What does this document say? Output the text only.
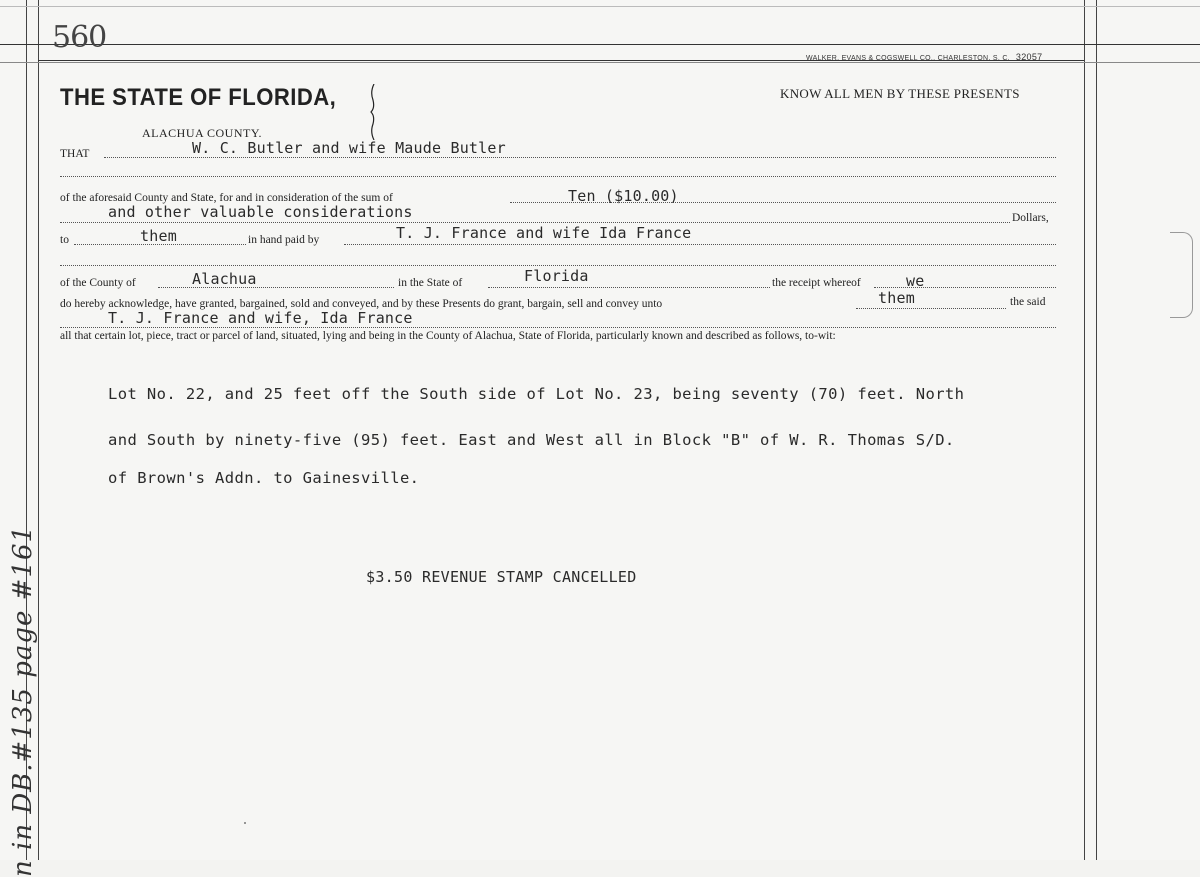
n in DB.#135 page #161
560
WALKER, EVANS & COGSWELL CO., CHARLESTON, S. C. 32057
THE STATE OF FLORIDA,	KNOW ALL MEN BY THESE PRESENTS
ALACHUA COUNTY.
THAT	W. C. Butler and wife Maude Butler
of the aforesaid County and State, for and in consideration of the sum of	Ten ($10.00)
and other valuable considerations	Dollars,
to	them	in hand paid by	T. J. France and wife Ida France
of the County of	Alachua	in the State of	Florida	the receipt whereof	we
do hereby acknowledge, have granted, bargained, sold and conveyed, and by these Presents do grant, bargain, sell and convey unto	them	the said
T. J. France and wife, Ida France
all that certain lot, piece, tract or parcel of land, situated, lying and being in the County of Alachua, State of Florida, particularly known and described as follows, to-wit:
Lot No. 22, and 25 feet off the South side of Lot No. 23, being seventy (70) feet. North
and South by ninety-five (95) feet. East and West all in Block "B" of W. R. Thomas S/D.
of Brown's Addn. to Gainesville.
$3.50 REVENUE STAMP CANCELLED
